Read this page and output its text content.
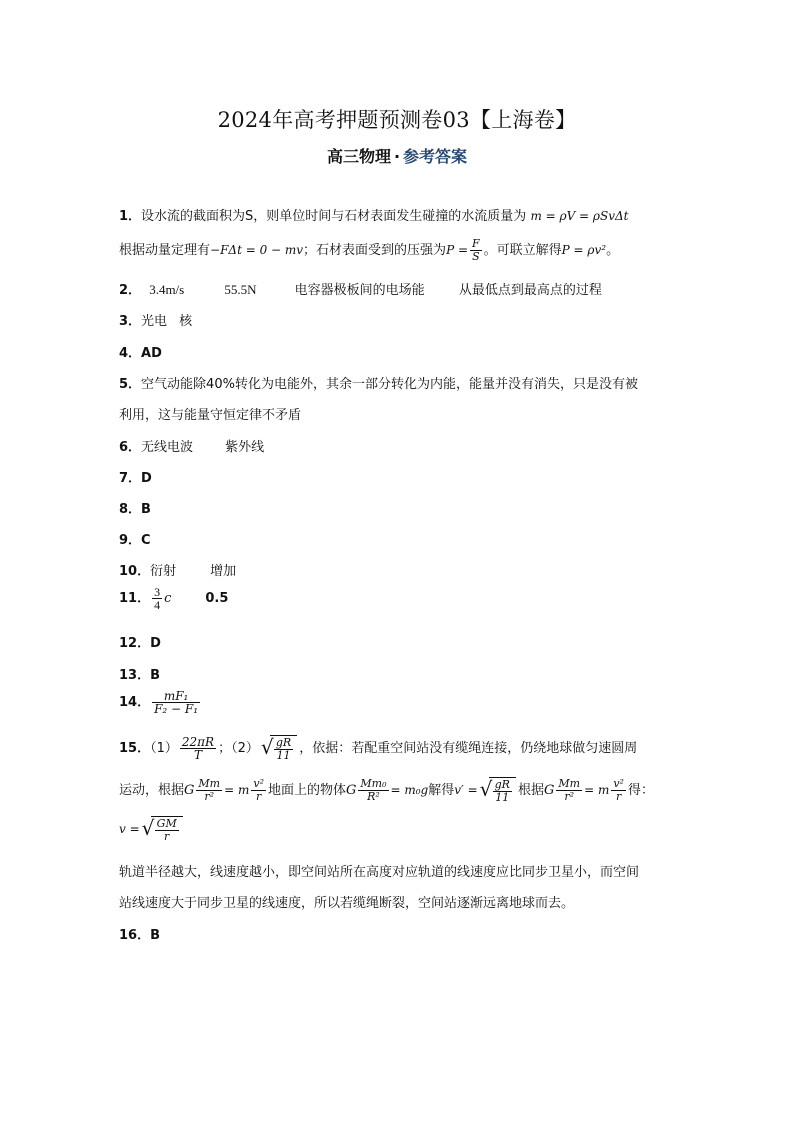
2024年高考押题预测卷03【上海卷】
高三物理 · 参考答案
1．设水流的截面积为S，则单位时间与石材表面发生碰撞的水流质量为 m = ρV = ρSvΔt
根据动量定理有−FΔt = 0 − mv；石材表面受到的压强为$P = \frac{F}{S}$ 。可联立解得P = ρv²。
2． 3.4m/s	55.5N	电容器极板间的电场能	从最低点到最高点的过程
3．光电 核
4．AD
5．空气动能除40%转化为电能外，其余一部分转化为内能，能量并没有消失，只是没有被
利用，这与能量守恒定律不矛盾
6．无线电波 紫外线
7．D
8．B
9．C
10．衍射	增加
11． $\frac{3}{4}$ c	0.5
12．D
13．B
14． $\frac{\text{mF₁}}{\text{F₂ − F₁}}$
15．$(1) \frac{22\pi R}{T}$ ；（2） √ $\frac{gR}{11}$ ，依据：若配重空间站没有缆绳连接，仍绕地球做匀速圆周
运动，根据G $\frac{Mm}{\text{r²}} = m \frac{\text{v²}}{r}$ 地面上的物体G $\frac{\text{Mm₀}}{\text{R²}} = m_0g$解得v′ = √ $\frac{gR}{11}$ 根据G $\frac{Mm}{\text{r²}} = m \frac{\text{v²}}{r}$ 得：
v = √ $\frac{GM}{r}$
轨道半径越大，线速度越小，即空间站所在高度对应轨道的线速度应比同步卫星小，而空间
站线速度大于同步卫星的线速度，所以若缆绳断裂，空间站逐渐远离地球而去。
16．B
